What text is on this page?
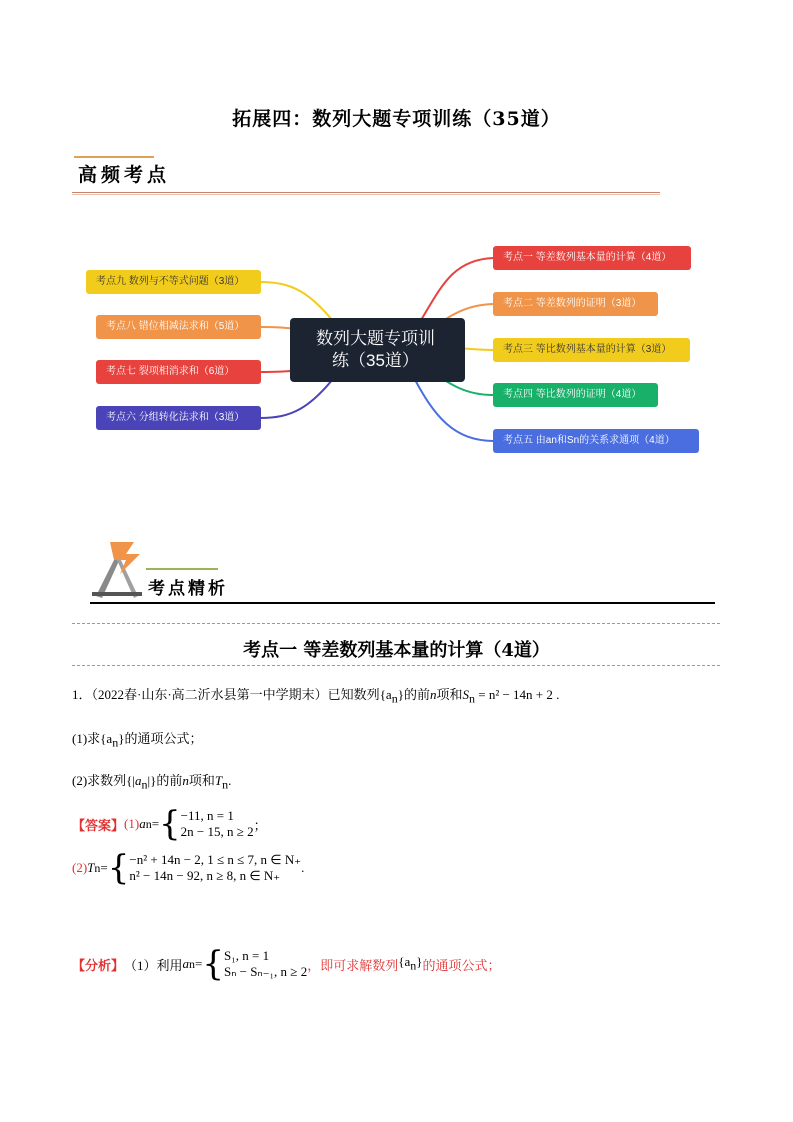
拓展四：数列大题专项训练（35道）
高频考点
数列大题专项训
练（35道）
考点一 等差数列基本量的计算（4道）
考点二 等差数列的证明（3道）
考点三 等比数列基本量的计算（3道）
考点四 等比数列的证明（4道）
考点五 由an和Sn的关系求通项（4道）
考点九 数列与不等式问题（3道）
考点八 错位相减法求和（5道）
考点七 裂项相消求和（6道）
考点六 分组转化法求和（3道）
考点精析
考点一 等差数列基本量的计算（4道）
1．（2022春·山东·高二沂水县第一中学期末）已知数列$\{a_n\}$的前n项和$S_n = n^2 - 14n + 2$ .
(1)求$\{a_n\}$的通项公式；
(2)求数列$\{|a_n|\}$的前n项和$T_n$.
【答案】 (1) a n = { −11, n = 1
2n − 15, n ≥ 2 ；
(2) T n = { −n² + 14n − 2, 1 ≤ n ≤ 7, n ∈ N₊
n² − 14n − 92, n ≥ 8, n ∈ N₊
.
【分析】 （1）利用 a n = { S₁, n = 1
Sₙ − Sₙ₋₁, n ≥ 2 ，即可求解数列 $\{a_n\}$ 的通项公式；
